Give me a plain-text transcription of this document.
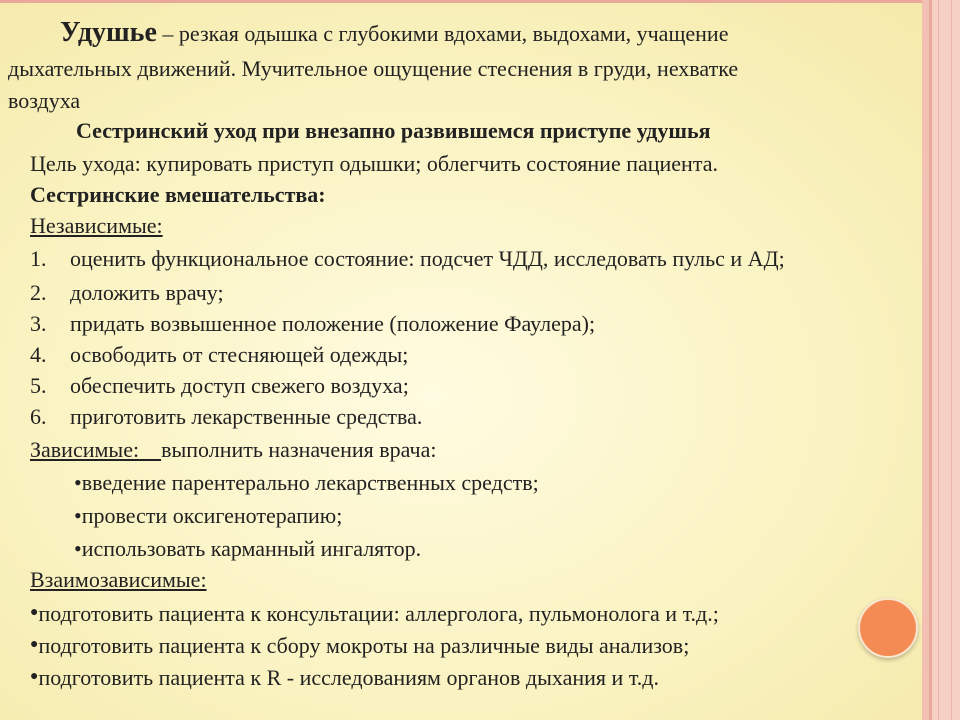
Удушье – резкая одышка с глубокими вдохами, выдохами, учащение
дыхательных движений. Мучительное ощущение стеснения в груди, нехватке
воздуха
Сестринский уход при внезапно развившемся приступе удушья
Цель ухода: купировать приступ одышки; облегчить состояние пациента.
Сестринские вмешательства:
Независимые:
1. оценить функциональное состояние: подсчет ЧДД, исследовать пульс и АД;
2. доложить врачу;
3. придать возвышенное положение (положение Фаулера);
4. освободить от стесняющей одежды;
5. обеспечить доступ свежего воздуха;
6. приготовить лекарственные средства.
Зависимые: выполнить назначения врача:
•введение парентерально лекарственных средств;
•провести оксигенотерапию;
•использовать карманный ингалятор.
Взаимозависимые:
●подготовить пациента к консультации: аллерголога, пульмонолога и т.д.;
●подготовить пациента к сбору мокроты на различные виды анализов;
●подготовить пациента к R - исследованиям органов дыхания и т.д.
